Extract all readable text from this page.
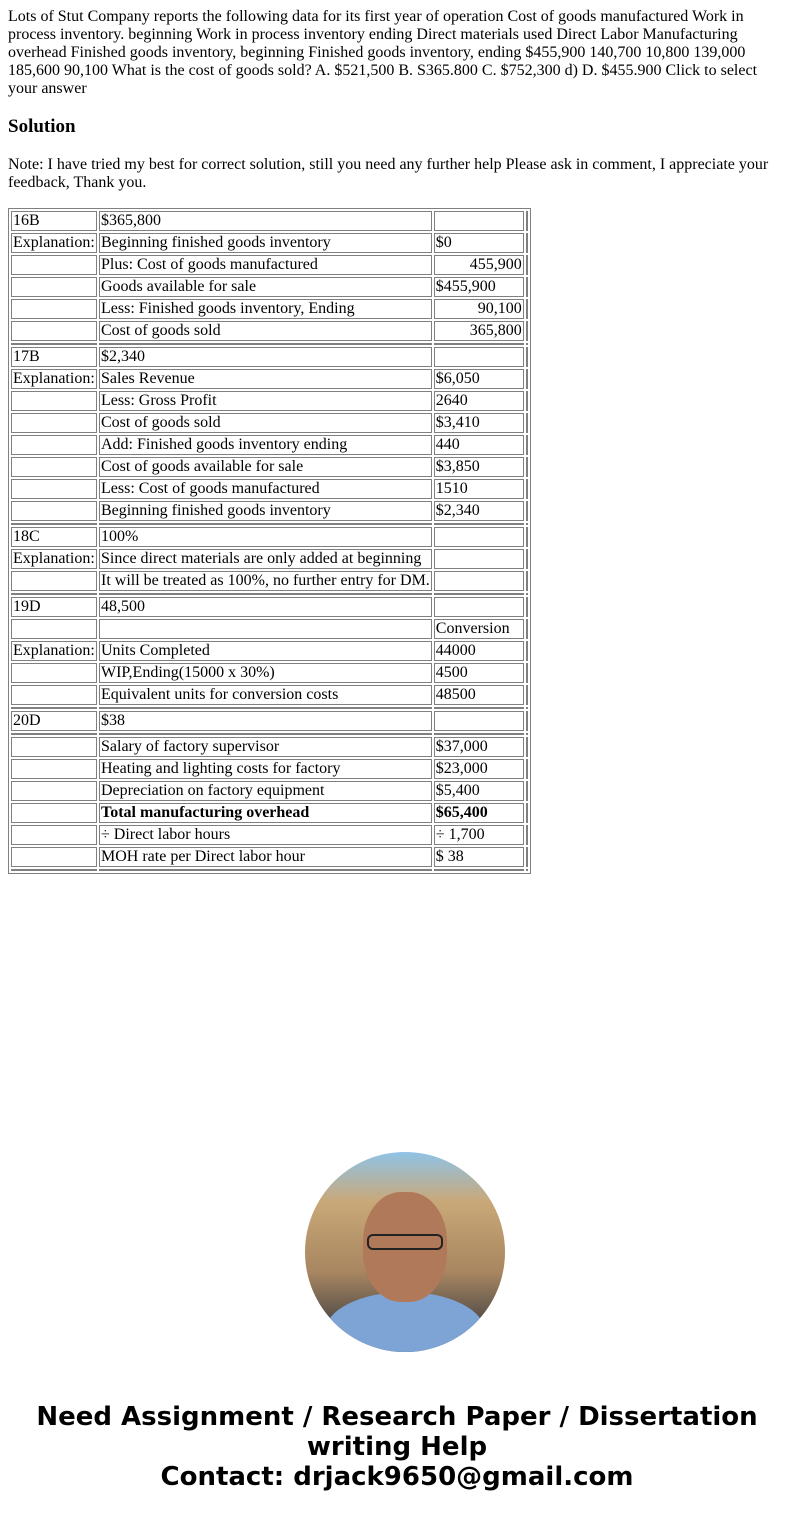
Lots of Stut Company reports the following data for its first year of operation Cost of goods manufactured Work in process inventory. beginning Work in process inventory ending Direct materials used Direct Labor Manufacturing overhead Finished goods inventory, beginning Finished goods inventory, ending $455,900 140,700 10,800 139,000 185,600 90,100 What is the cost of goods sold? A. $521,500 B. S365.800 C. $752,300 d) D. $455.900 Click to select your answer

Solution

Note: I have tried my best for correct solution, still you need any further help Please ask in comment, I appreciate your feedback, Thank you.

16B	$365,800		
Explanation:	Beginning finished goods inventory	$0	
	Plus: Cost of goods manufactured	455,900	
	Goods available for sale	$455,900	
	Less: Finished goods inventory, Ending	90,100	
	Cost of goods sold	365,800	

17B	$2,340		
Explanation:	Sales Revenue	$6,050	
	Less: Gross Profit	2640	
	Cost of goods sold	$3,410	
	Add: Finished goods inventory ending	440	
	Cost of goods available for sale	$3,850	
	Less: Cost of goods manufactured	1510	
	Beginning finished goods inventory	$2,340	

18C	100%		
Explanation:	Since direct materials are only added at beginning		
	It will be treated as 100%, no further entry for DM.		

19D	48,500		
		Conversion	
Explanation:	Units Completed	44000	
	WIP,Ending(15000 x 30%)	4500	
	Equivalent units for conversion costs	48500	

20D	$38		

	Salary of factory supervisor	$37,000	
	Heating and lighting costs for factory	$23,000	
	Depreciation on factory equipment	$5,400	
	Total manufacturing overhead	$65,400	
	÷ Direct labor hours	÷ 1,700	
	MOH rate per Direct labor hour	$ 38	

Need Assignment / Research Paper / Dissertation writing Help
Contact: drjack9650@gmail.com
